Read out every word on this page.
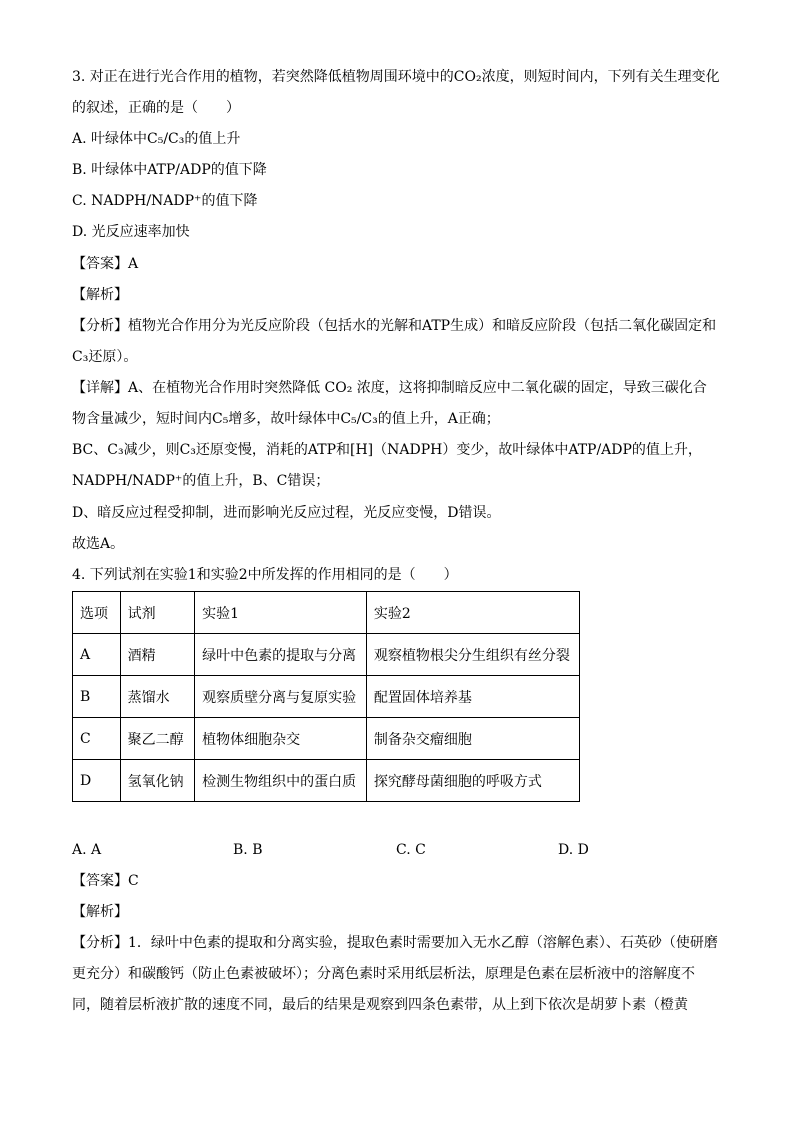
3. 对正在进行光合作用的植物，若突然降低植物周围环境中的CO₂浓度，则短时间内，下列有关生理变化
的叙述，正确的是（　　）
A. 叶绿体中C₅/C₃的值上升
B. 叶绿体中ATP/ADP的值下降
C. NADPH/NADP⁺的值下降
D. 光反应速率加快
【答案】A
【解析】
【分析】植物光合作用分为光反应阶段（包括水的光解和ATP生成）和暗反应阶段（包括二氧化碳固定和
C₃还原）。
【详解】A、在植物光合作用时突然降低 CO₂ 浓度，这将抑制暗反应中二氧化碳的固定，导致三碳化合
物含量减少，短时间内C₅增多，故叶绿体中C₅/C₃的值上升，A正确；
BC、C₃减少，则C₃还原变慢，消耗的ATP和[H]（NADPH）变少，故叶绿体中ATP/ADP的值上升，
NADPH/NADP⁺的值上升，B、C错误；
D、暗反应过程受抑制，进而影响光反应过程，光反应变慢，D错误。
故选A。
4. 下列试剂在实验1和实验2中所发挥的作用相同的是（　　）
选项	试剂	实验1	实验2
A	酒精	绿叶中色素的提取与分离	观察植物根尖分生组织有丝分裂
B	蒸馏水	观察质壁分离与复原实验	配置固体培养基
C	聚乙二醇	植物体细胞杂交	制备杂交瘤细胞
D	氢氧化钠	检测生物组织中的蛋白质	探究酵母菌细胞的呼吸方式
A. A	B. B	C. C	D. D
【答案】C
【解析】
【分析】1．绿叶中色素的提取和分离实验，提取色素时需要加入无水乙醇（溶解色素）、石英砂（使研磨
更充分）和碳酸钙（防止色素被破坏）；分离色素时采用纸层析法，原理是色素在层析液中的溶解度不
同，随着层析液扩散的速度不同，最后的结果是观察到四条色素带，从上到下依次是胡萝卜素（橙黄
